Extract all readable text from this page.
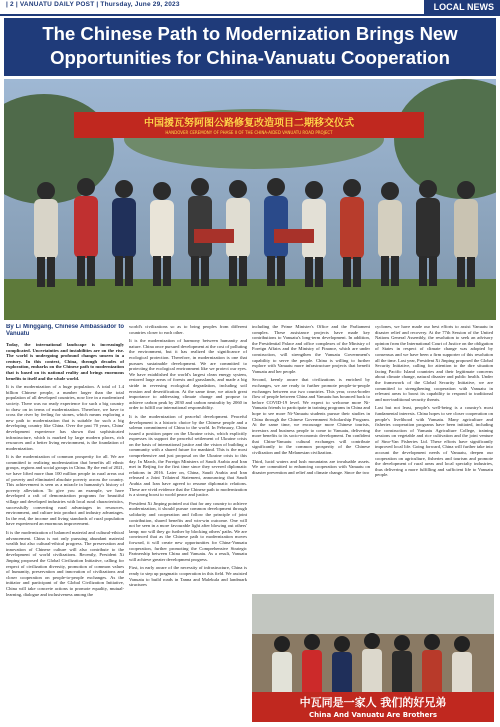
| 2 | VANUATU DAILY POST | Thursday, June 29, 2023	LOCAL NEWS
The Chinese Path to Modernization Brings New Opportunities for China-Vanuatu Cooperation
中国援瓦努阿图公路修复改造项目二期移交仪式
HANDOVER CEREMONY OF PHASE II OF THE CHINA-AIDED VANUATU ROAD PROJECT
By Li Minggang, Chinese Ambassador to Vanuatu

Today, the international landscape is increasingly complicated. Uncertainties and instabilities are on the rise. The world is undergoing profound changes unseen in a century. In this context, China, through decades of exploration, embarks on the Chinese path to modernization that is based on its national reality and brings enormous benefits to itself and the whole world.

It is the modernization of a huge population. A total of 1.4 billion Chinese people, a number larger than the total population of all developed countries, now live in a modernized society. There was no ready experience for such a big country to draw on in terms of modernization. Therefore, we have to cross the river by feeling for stones, which means exploring a new path to modernization that is suitable for such a big developing country like China. Over the past 70 years, China' development experience has shown that sophisticated infrastructure, which is marked by large modern places, rich resources and a better living environment, is the foundation of modernization.

It is the modernization of common prosperity for all. We are committed to realizing modernization that benefits all ethnic groups, regions and social groups in China. By the end of 2021, we have lifted more than 100 million people in rural areas out of poverty and eliminated absolute poverty across the country. This achievement is seen as a miracle in humanity's history of poverty alleviation. To give you an example, we have developed a raft of demonstration programs for beautiful village and developed industries with local rural characteristics, successfully converting rural advantages in resources, environment, and culture into product and industry advantages. In the end, the income and living standards of rural population have experienced an enormous improvement.

It is the modernization of balanced material and cultural-ethical advancement. China is not only pursuing abundant material wealth but also cultural-ethical progress. The preservation and innovation of Chinese culture will also contribute to the development of world civilizations. Recently, President Xi Jinping proposed the Global Civilization Initiative, calling for respect of civilization diversity, promotion of common values of humanity, preservation and innovation of civilizations and closer cooperation on people-to-people exchanges. As the initiator and participant of the Global Civilization Initiative, China will take concrete actions to promote equality, mutual-learning, dialogue and inclusiveness among the

world's civilizations so as to bring peoples from different countries closer to each other.

It is the modernization of harmony between humanity and nature. China once pursued development at the cost of polluting the environment, but it has realized the significance of ecological protection. Therefore, in modernization is one that pursues sustainable development. We are committed to protecting the ecological environment like we protect our eyes. We have established the world's largest clean energy system, restored large areas of forests and grasslands, and made a big stride in reversing ecological degradation, including soil erosion and desertification. At the same time, we attach great importance to addressing climate change and propose to achieve carbon peak by 2030 and carbon neutrality by 2060 in order to fulfill our international responsibility.

It is the modernization of peaceful development. Peaceful development is a historic choice by the Chinese people and a solemn commitment of China to the world. In February, China issued a position paper on the Ukraine crisis, which explicitly expresses its support the peaceful settlement of Ukraine crisis on the basis of international justice and the vision of building a community with a shared future for mankind. This is the most comprehensive and just proposal on the Ukraine crisis to this day. In March, the Foreign Ministers of Saudi Arabia and Iran met in Beijing for the first time since they severed diplomatic relations in 2016. Later on, China, Saudi Arabia and Iran released a Joint Trilateral Statement, announcing that Saudi Arabia and Iran have agreed to resume diplomatic relations. These are vivid evidence that the Chinese path to modernization is a strong boost to world peace and justice.

President Xi Jinping pointed out that for any country to achieve modernization, it should pursue common development through solidarity and cooperation and follow the principle of joint contribution, shared benefits and win-win outcome. One will not be seen in a more favourable light after blowing out others' lamp; nor will they go further by blocking others' paths. We are convinced that as the Chinese path to modernization moves forward, it will create new opportunities for China-Vanuatu cooperation, further promoting the Comprehensive Strategic Partnership between China and Vanuatu. As a result, Vanuatu will achieve greater development progress.

First, in early aware of the necessity of infrastructure, China is ready to step up pragmatic cooperation in this field. We assisted Vanuatu to build roads in Tanna and Malekula and landmark structures

including the Prime Minister's Office and the Parliament complex. These assistance projects have made key contributions to Vanuatu's long-term development. In addition, the Presidential Palace and office complexes of the Ministry of Foreign Affairs and the Ministry of Finance, which are under construction, will strengthen the Vanuatu Government's capability to serve the people. China is willing to further explore with Vanuatu more infrastructure projects that benefit Vanuatu and her people.

Second, keenly aware that civilizations is enriched by exchanges, we are ready to further promote people-to-people exchanges between our two countries. This year, cross-border flow of people between China and Vanuatu has bounced back to before COVID-19 level. We expect to welcome more Ni-Vanuatu friends to participate in training programs in China and hope to see more Ni-Vanuatu students pursue their studies in China through the Chinese Government Scholarship Program. At the same time, we encourage more Chinese tourists, investors and business people to come to Vanuatu, delivering more benefits to its socio-economic development. I'm confident that China-Vanuatu cultural exchanges will contribute significantly to the common prosperity of the Chinese civilization and the Melanesian civilization.

Third, lucid waters and lush mountains are invaluable assets. We are committed to enhancing cooperation with Vanuatu on disaster prevention and relief and climate change. Since the two

cyclones, we have made our best efforts to assist Vanuatu in disaster relief and recovery. At the 77th Session of the United Nations General Assembly, the resolution to seek an advisory opinion from the International Court of Justice on the obligation of States in respect of climate change was adopted by consensus and we have been a firm supporter of this resolution all the time. Last year, President Xi Jinping proposed the Global Security Initiative, calling for attention to the dire situation facing Pacific Island countries and their legitimate concerns about climate change, natural disaster and public health. Under the framework of the Global Security Initiative, we are committed to strengthening cooperation with Vanuatu in relevant areas to boost its capability to respond to traditional and non-traditional security threats.

Last but not least, people's well-being is a country's most fundamental interests. China hopes to see closer cooperation on people's livelihood with Vanuatu. Many agriculture and fisheries cooperation programs have been initiated, including the construction of Vanuatu Agriculture College, training sessions on vegetable and rice cultivation and the joint venture of Sino-Van Fisheries Ltd. These efforts have significantly improved local life. Going forward, China will further take into account the development needs of Vanuatu, deepen our cooperation on agriculture, fisheries and tourism and promote the development of rural areas and local specialty industries, thus delivering a more fulfilling and sufficient life to Vanuatu people.

中瓦同是一家人 我们的好兄弟
China And Vanuatu Are Brothers
